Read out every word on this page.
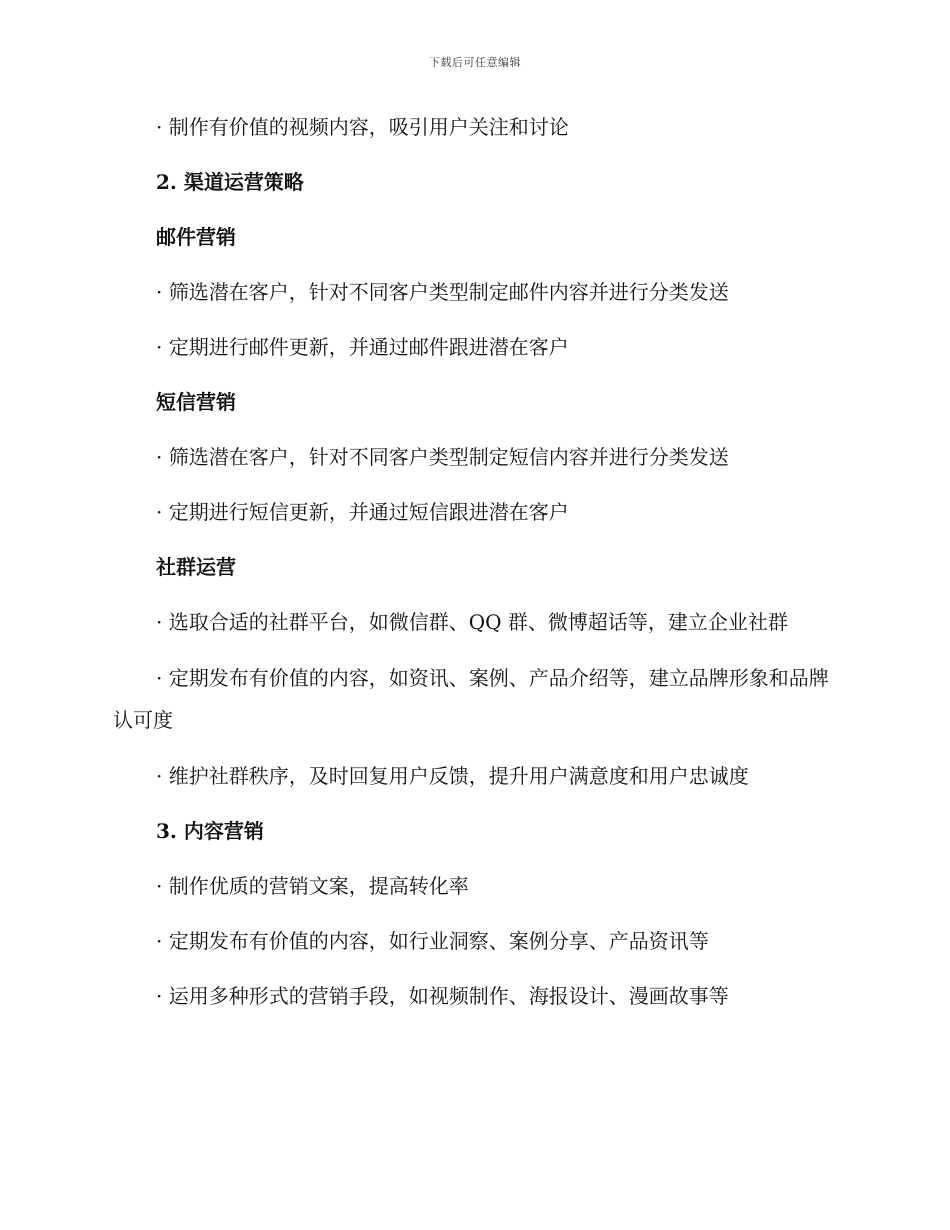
下载后可任意编辑
· 制作有价值的视频内容，吸引用户关注和讨论
2. 渠道运营策略
邮件营销
· 筛选潜在客户，针对不同客户类型制定邮件内容并进行分类发送
· 定期进行邮件更新，并通过邮件跟进潜在客户
短信营销
· 筛选潜在客户，针对不同客户类型制定短信内容并进行分类发送
· 定期进行短信更新，并通过短信跟进潜在客户
社群运营
· 选取合适的社群平台，如微信群、QQ 群、微博超话等，建立企业社群
· 定期发布有价值的内容，如资讯、案例、产品介绍等，建立品牌形象和品牌认可度
· 维护社群秩序，及时回复用户反馈，提升用户满意度和用户忠诚度
3. 内容营销
· 制作优质的营销文案，提高转化率
· 定期发布有价值的内容，如行业洞察、案例分享、产品资讯等
· 运用多种形式的营销手段，如视频制作、海报设计、漫画故事等
